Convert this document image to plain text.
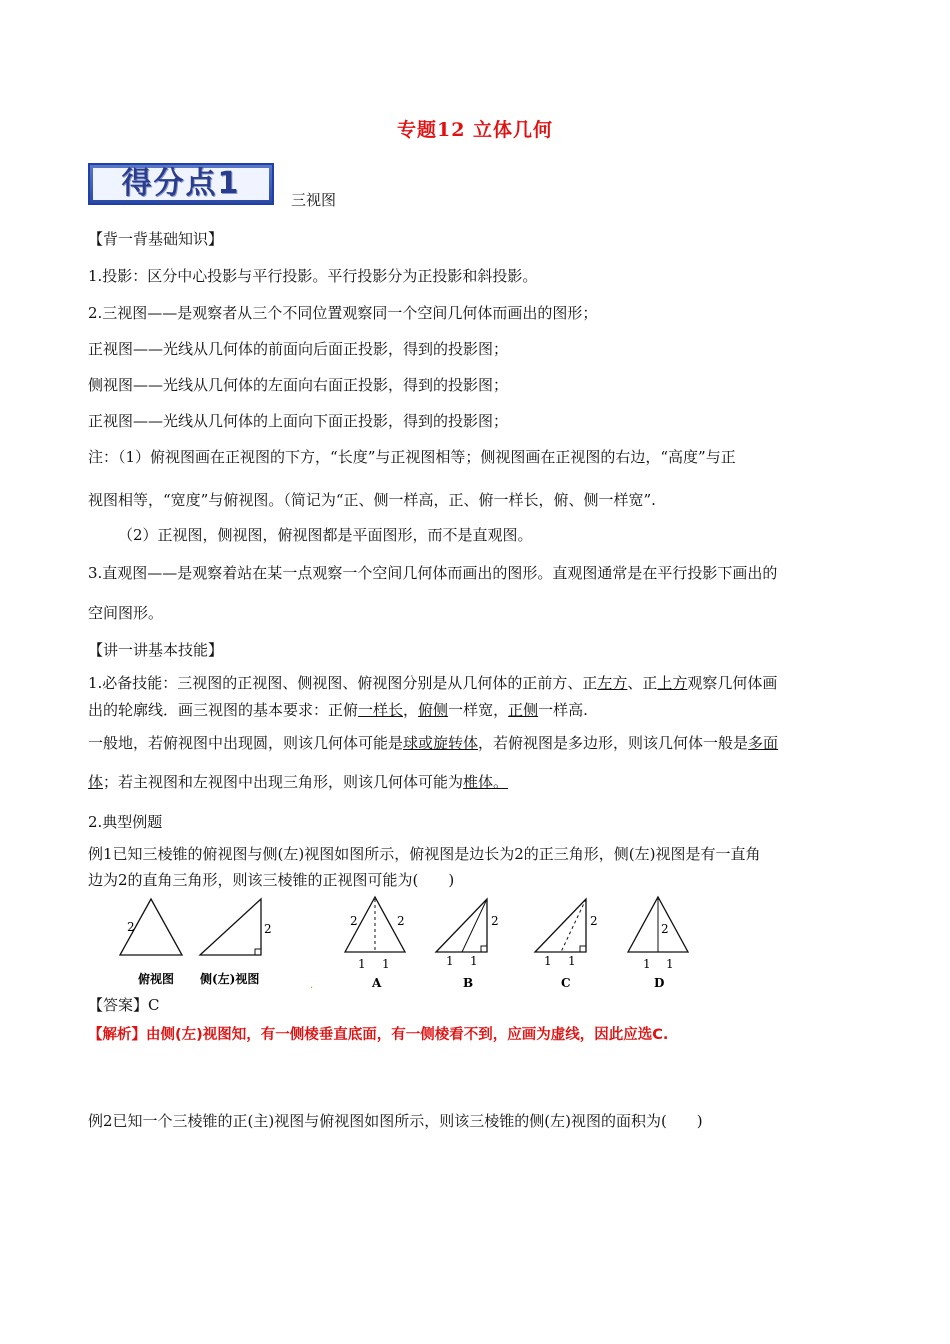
专题12 立体几何
得分点1	三视图
【背一背基础知识】
1.投影：区分中心投影与平行投影。平行投影分为正投影和斜投影。
2.三视图——是观察者从三个不同位置观察同一个空间几何体而画出的图形；
正视图——光线从几何体的前面向后面正投影，得到的投影图；
侧视图——光线从几何体的左面向右面正投影，得到的投影图；
正视图——光线从几何体的上面向下面正投影，得到的投影图；
注：（1）俯视图画在正视图的下方，“长度”与正视图相等；侧视图画在正视图的右边，“高度”与正
视图相等，“宽度”与俯视图。（简记为“正、侧一样高，正、俯一样长，俯、侧一样宽”.
（2）正视图，侧视图，俯视图都是平面图形，而不是直观图。
3.直观图——是观察着站在某一点观察一个空间几何体而画出的图形。直观图通常是在平行投影下画出的
空间图形。
【讲一讲基本技能】
1.必备技能：三视图的正视图、侧视图、俯视图分别是从几何体的正前方、正左方、正上方观察几何体画
出的轮廓线．画三视图的基本要求：正俯一样长，俯侧一样宽，正侧一样高.
一般地，若俯视图中出现圆，则该几何体可能是球或旋转体，若俯视图是多边形，则该几何体一般是多面
体；若主视图和左视图中出现三角形，则该几何体可能为椎体。
2.典型例题
例1已知三棱锥的俯视图与侧(左)视图如图所示，俯视图是边长为2的正三角形，侧(左)视图是有一直角
边为2的直角三角形，则该三棱锥的正视图可能为(　　)
2	2
俯视图 侧(左)视图	.
2	2
1 1
A
2
1 1
B
2
1 1
C
2
1 1
D
【答案】C
【解析】由侧(左)视图知，有一侧棱垂直底面，有一侧棱看不到，应画为虚线，因此应选C.
例2已知一个三棱锥的正(主)视图与俯视图如图所示，则该三棱锥的侧(左)视图的面积为(　　)
